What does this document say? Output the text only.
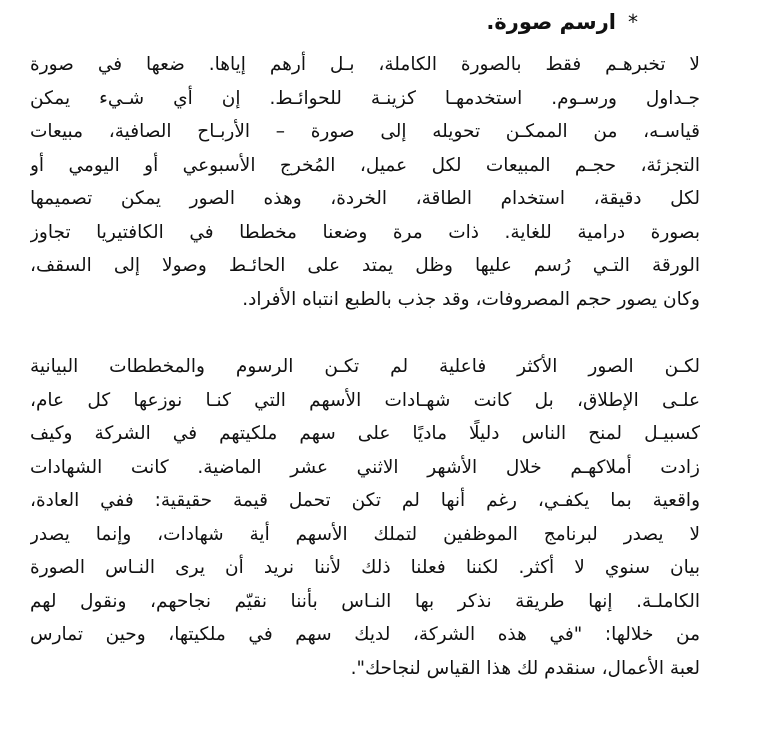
*ارسم صورة.

لا تخبرهـم فقط بالصورة الكاملة، بـل أرهم إياها. ضعها في صورة
جـداول ورسـوم. استخدمهـا كزينـة للحوائـط. إن أي شـيء يمكن
قياسـه، من الممكـن تحويله إلى صورة – الأربـاح الصافية، مبيعات
التجزئة، حجـم المبيعات لكل عميل، المُخرج الأسبوعي أو اليومي أو
لكل دقيقة، استخدام الطاقة، الخردة، وهذه الصور يمكن تصميمها
بصورة درامية للغاية. ذات مرة وضعنا مخططا في الكافتيريا تجاوز
الورقة التـي رُسم عليها وظل يمتد على الحائـط وصولا إلى السقف،
وكان يصور حجم المصروفات، وقد جذب بالطبع انتباه الأفراد.

لكـن الصور الأكثر فاعلية لم تكـن الرسوم والمخططات البيانية
علـى الإطلاق، بل كانت شهـادات الأسهم التي كنـا نوزعها كل عام،
كسبيـل لمنح الناس دليلًا ماديًا على سهم ملكيتهم في الشركة وكيف
زادت أملاكهـم خلال الأشهر الاثني عشر الماضية. كانت الشهادات
واقعية بما يكفـي، رغم أنها لم تكن تحمل قيمة حقيقية: ففي العادة،
لا يصدر لبرنامج الموظفين لتملك الأسهم أية شهادات، وإنما يصدر
بيان سنوي لا أكثر. لكننا فعلنا ذلك لأننا نريد أن يرى النـاس الصورة
الكاملـة. إنها طريقة نذكر بها النـاس بأننا نقيّم نجاحهم، ونقول لهم
من خلالها: "في هذه الشركة، لديك سهم في ملكيتها، وحين تمارس
لعبة الأعمال، سنقدم لك هذا القياس لنجاحك".
